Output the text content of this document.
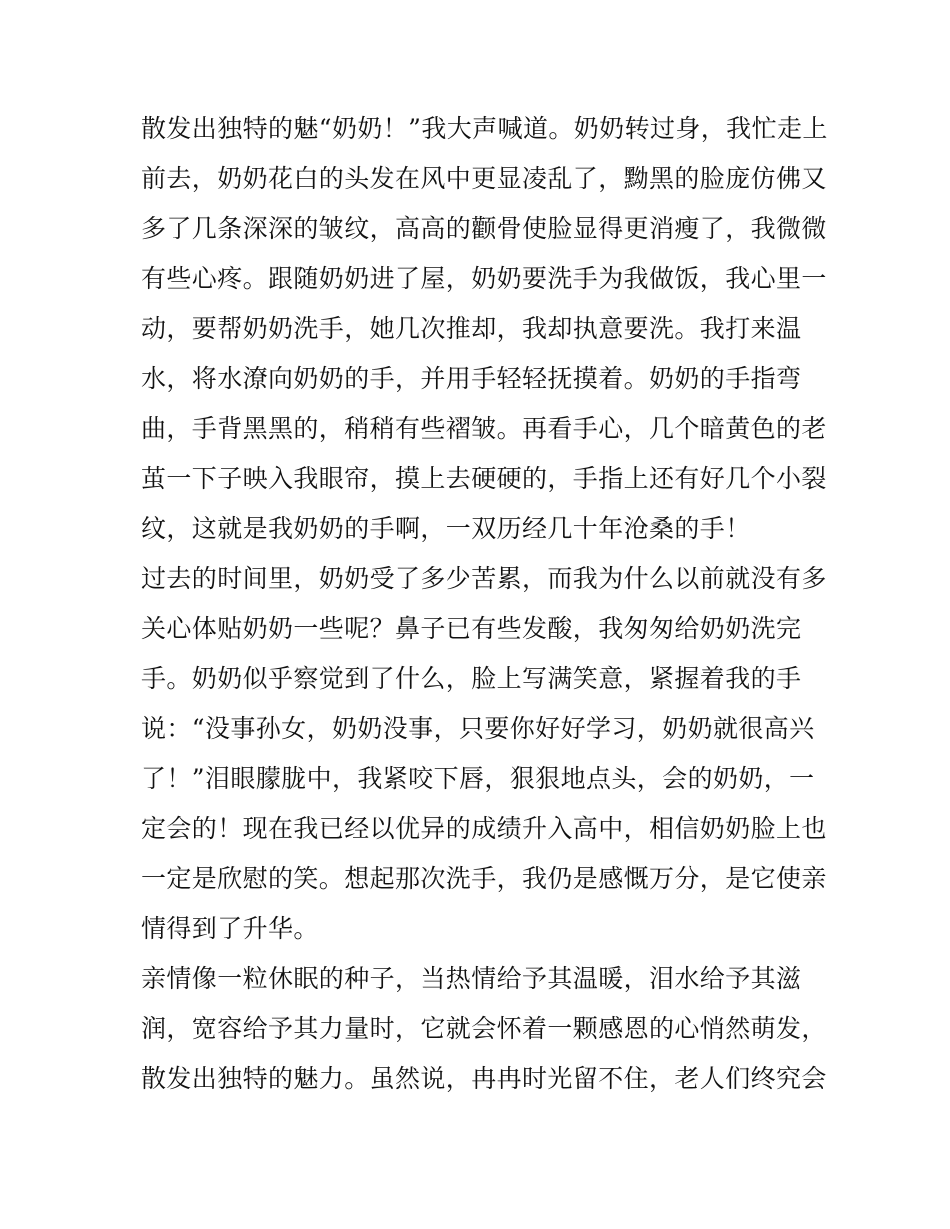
散发出独特的魅“奶奶！”我大声喊道。奶奶转过身，我忙走上
前去，奶奶花白的头发在风中更显凌乱了，黝黑的脸庞仿佛又
多了几条深深的皱纹，高高的颧骨使脸显得更消瘦了，我微微
有些心疼。跟随奶奶进了屋，奶奶要洗手为我做饭，我心里一
动，要帮奶奶洗手，她几次推却，我却执意要洗。我打来温
水，将水潦向奶奶的手，并用手轻轻抚摸着。奶奶的手指弯
曲，手背黑黑的，稍稍有些褶皱。再看手心，几个暗黄色的老
茧一下子映入我眼帘，摸上去硬硬的，手指上还有好几个小裂
纹，这就是我奶奶的手啊，一双历经几十年沧桑的手！
过去的时间里，奶奶受了多少苦累，而我为什么以前就没有多
关心体贴奶奶一些呢？鼻子已有些发酸，我匆匆给奶奶洗完
手。奶奶似乎察觉到了什么，脸上写满笑意，紧握着我的手
说：“没事孙女，奶奶没事，只要你好好学习，奶奶就很高兴
了！”泪眼朦胧中，我紧咬下唇，狠狠地点头，会的奶奶，一
定会的！现在我已经以优异的成绩升入高中，相信奶奶脸上也
一定是欣慰的笑。想起那次洗手，我仍是感慨万分，是它使亲
情得到了升华。
亲情像一粒休眠的种子，当热情给予其温暖，泪水给予其滋
润，宽容给予其力量时，它就会怀着一颗感恩的心悄然萌发，
散发出独特的魅力。虽然说，冉冉时光留不住，老人们终究会
